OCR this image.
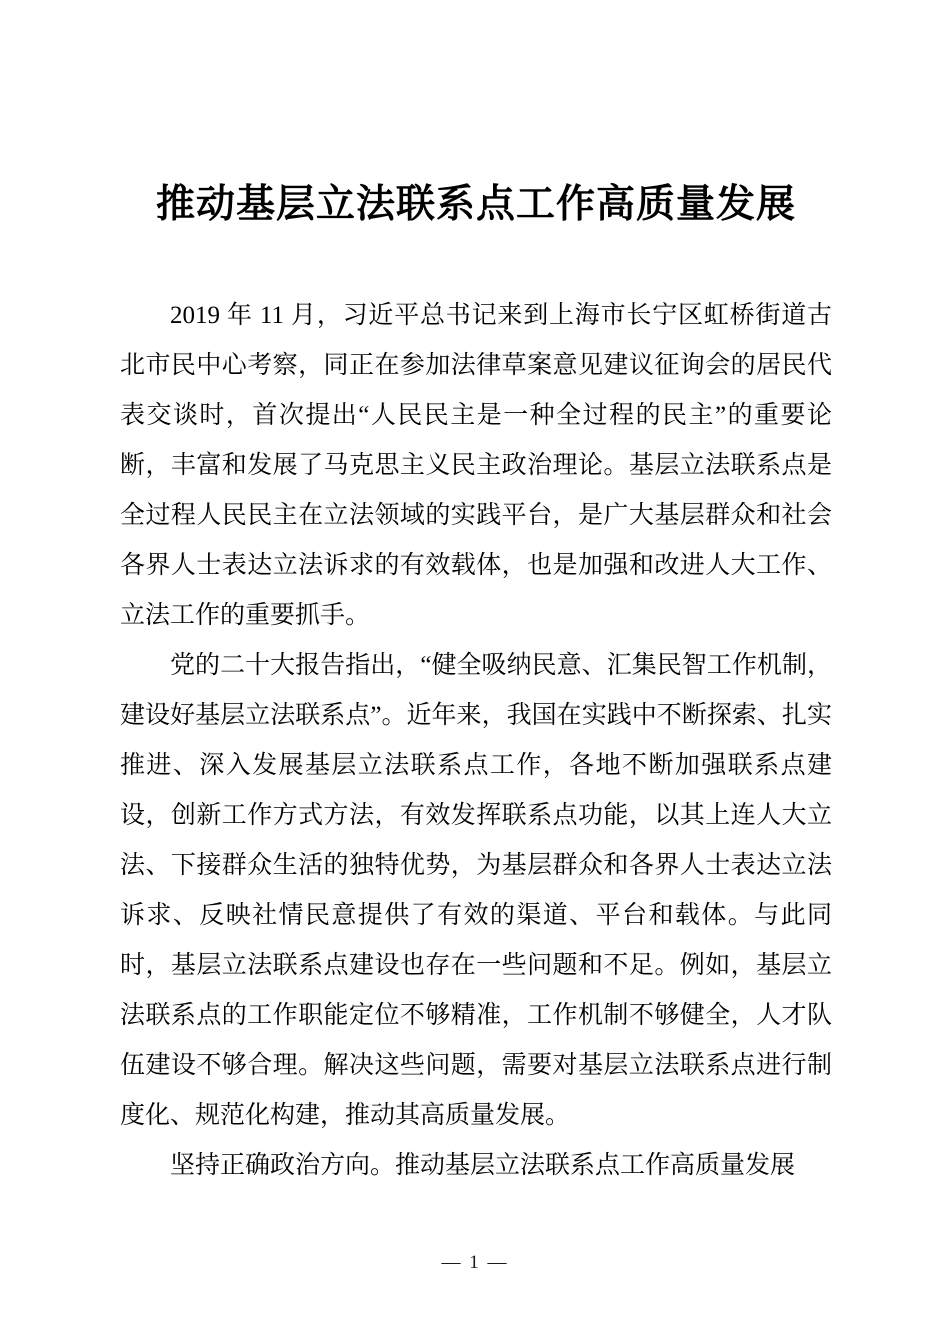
推动基层立法联系点工作高质量发展

2019 年 11 月，习近平总书记来到上海市长宁区虹桥街道古北市民中心考察，同正在参加法律草案意见建议征询会的居民代表交谈时，首次提出“人民民主是一种全过程的民主”的重要论断，丰富和发展了马克思主义民主政治理论。基层立法联系点是全过程人民民主在立法领域的实践平台，是广大基层群众和社会各界人士表达立法诉求的有效载体，也是加强和改进人大工作、立法工作的重要抓手。

党的二十大报告指出，“健全吸纳民意、汇集民智工作机制，建设好基层立法联系点”。近年来，我国在实践中不断探索、扎实推进、深入发展基层立法联系点工作，各地不断加强联系点建设，创新工作方式方法，有效发挥联系点功能，以其上连人大立法、下接群众生活的独特优势，为基层群众和各界人士表达立法诉求、反映社情民意提供了有效的渠道、平台和载体。与此同时，基层立法联系点建设也存在一些问题和不足。例如，基层立法联系点的工作职能定位不够精准，工作机制不够健全，人才队伍建设不够合理。解决这些问题，需要对基层立法联系点进行制度化、规范化构建，推动其高质量发展。

坚持正确政治方向。推动基层立法联系点工作高质量发展

— 1 —
